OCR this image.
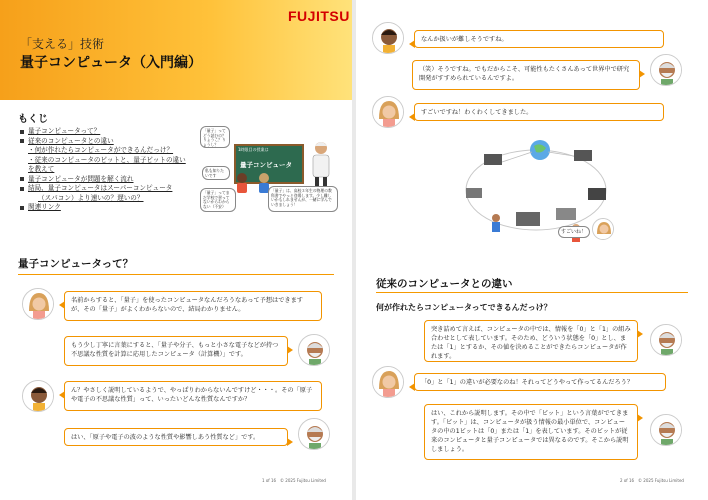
「支える」技術
量子コンピュータ（入門編）
FUJITSU
もくじ
量子コンピュータって？
従来のコンピュータとの違い
・何が作れたらコンピュータができるんだっけ？
・従来のコンピュータのビットと、量子ビットの違いを教えて
量子コンピュータが問題を解く流れ
結局、量子コンピュータはスーパーコンピュータ
（スパコン）より速いの？遅いの？
関連リンク
「量子」ってどう読むの？りょうこ？りょうし？
私も知りたいです
1時限目の授業は
量子コンピュータ
「量子」ってまだ学校で習ってないからわからない（不安）
「量子」は、高校３年生の物理の教科書でやっと登場します。少し難しいかもしれませんが、一緒に学んでいきましょう！
量子コンピュータって？
名前からすると、「量子」を使ったコンピュータなんだろうなあって予想はできますが、その「量子」がよくわからないので、結局わかりません。
もう少し丁寧に言葉にすると、「量子や分子、もっと小さな電子などが持つ不思議な性質を計算に応用したコンピュータ（計算機）」です。
ん？やさしく説明しているようで、やっぱりわからないんですけど・・・。その「原子や電子の不思議な性質」って、いったいどんな性質なんですか？
はい、「原子や電子の波のような性質や影響しあう性質など」です。
1 of 16　© 2025 Fujitsu Limited
なんか扱いが難しそうですね。
（笑）そうですね。でもだからこそ、可能性もたくさんあって世界中で研究開発がすすめられているんですよ。
すごいですね！わくわくしてきました。
すごいね！
従来のコンピュータとの違い
何が作れたらコンピュータってできるんだっけ？
突き詰めて言えば、コンピュータの中では、情報を「0」と「1」の組み合わせとして表しています。そのため、どういう状態を「0」とし、または「1」とするか、その値を決めることができたらコンピュータが作れます。
「0」と「1」の違いが必要なのね！それってどうやって作ってるんだろう？
はい、これから説明します。その中で「ビット」という言葉がでてきます。「ビット」は、コンピュータが扱う情報の最小単位で、コンピュータの中の1ビットは「0」または「1」を表しています。そのビットが従来のコンピュータと量子コンピュータでは異なるのです。そこから説明しましょう。
2 of 16　© 2025 Fujitsu Limited
